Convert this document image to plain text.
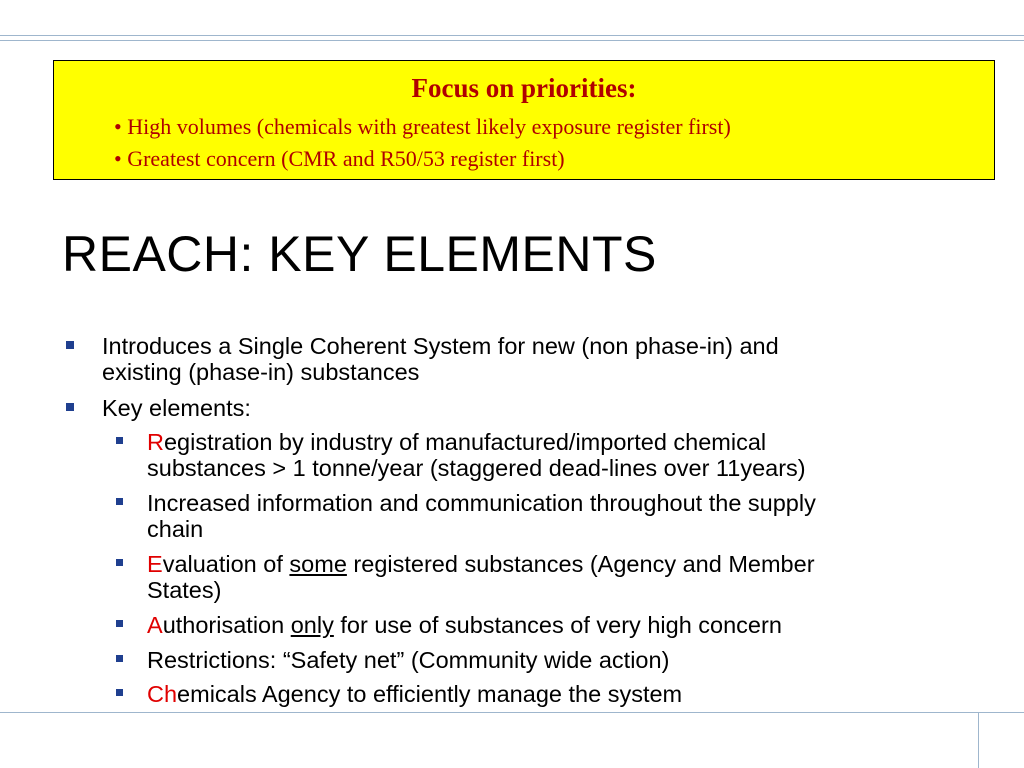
Focus on priorities:
• High volumes (chemicals with greatest likely exposure register first)
• Greatest concern (CMR and R50/53 register first)
REACH: KEY ELEMENTS
Introduces a Single Coherent System for new (non phase-in) and
existing (phase-in) substances
Key elements:
Registration by industry of manufactured/imported chemical
substances > 1 tonne/year (staggered dead-lines over 11years)
Increased information and communication throughout the supply
chain
Evaluation of some registered substances (Agency and Member
States)
Authorisation only for use of substances of very high concern
Restrictions: “Safety net” (Community wide action)
Chemicals Agency to efficiently manage the system
